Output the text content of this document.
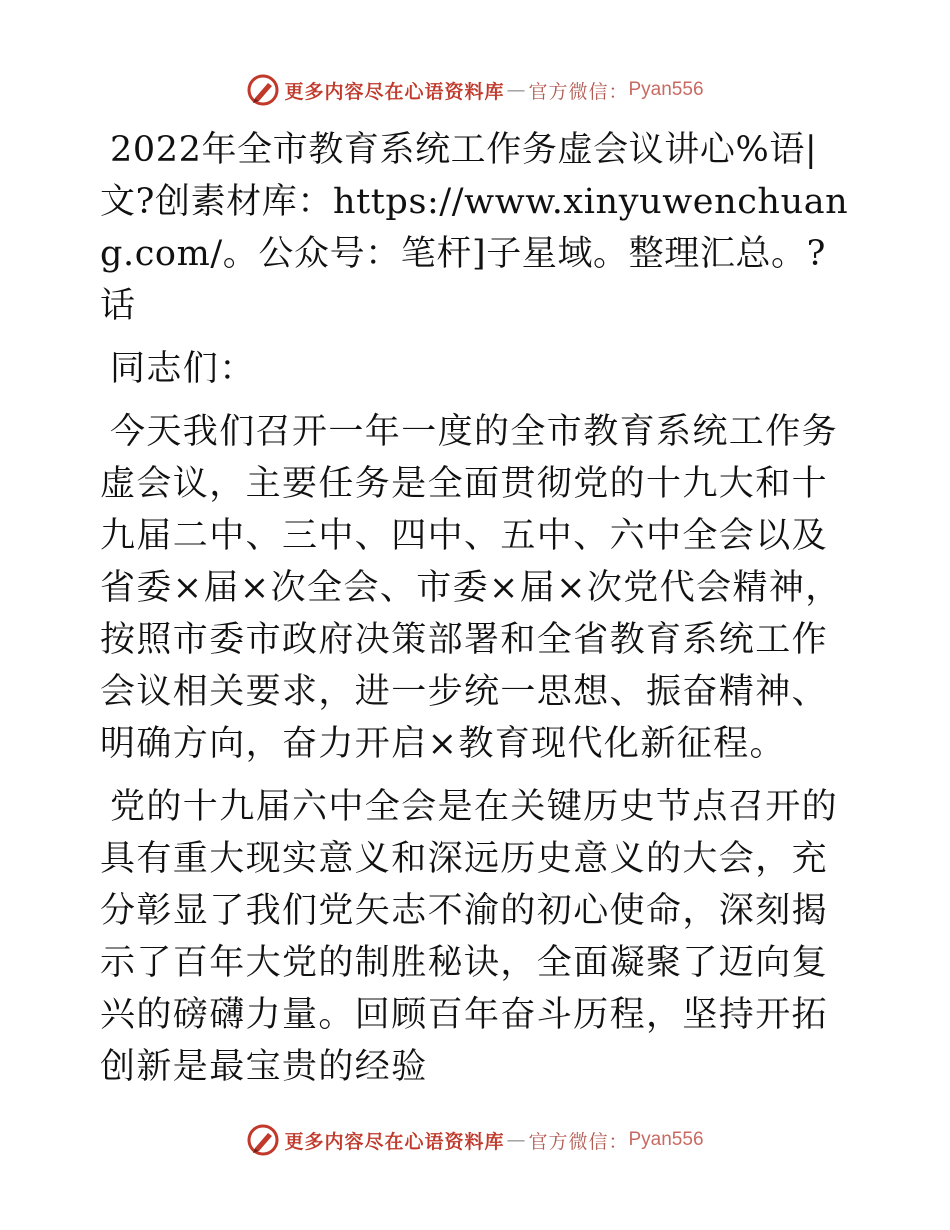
更多内容尽在心语资料库 — 官方微信： Pyan556

2022年全市教育系统工作务虚会议讲心%语|文?创素材库：https://www.xinyuwenchuang.com/。公众号：笔杆]子星域。整理汇总。?话

同志们：

今天我们召开一年一度的全市教育系统工作务虚会议，主要任务是全面贯彻党的十九大和十九届二中、三中、四中、五中、六中全会以及省委×届×次全会、市委×届×次党代会精神，按照市委市政府决策部署和全省教育系统工作会议相关要求，进一步统一思想、振奋精神、明确方向，奋力开启×教育现代化新征程。

党的十九届六中全会是在关键历史节点召开的具有重大现实意义和深远历史意义的大会，充分彰显了我们党矢志不渝的初心使命，深刻揭示了百年大党的制胜秘诀，全面凝聚了迈向复兴的磅礴力量。回顾百年奋斗历程，坚持开拓创新是最宝贵的经验

更多内容尽在心语资料库 — 官方微信： Pyan556
